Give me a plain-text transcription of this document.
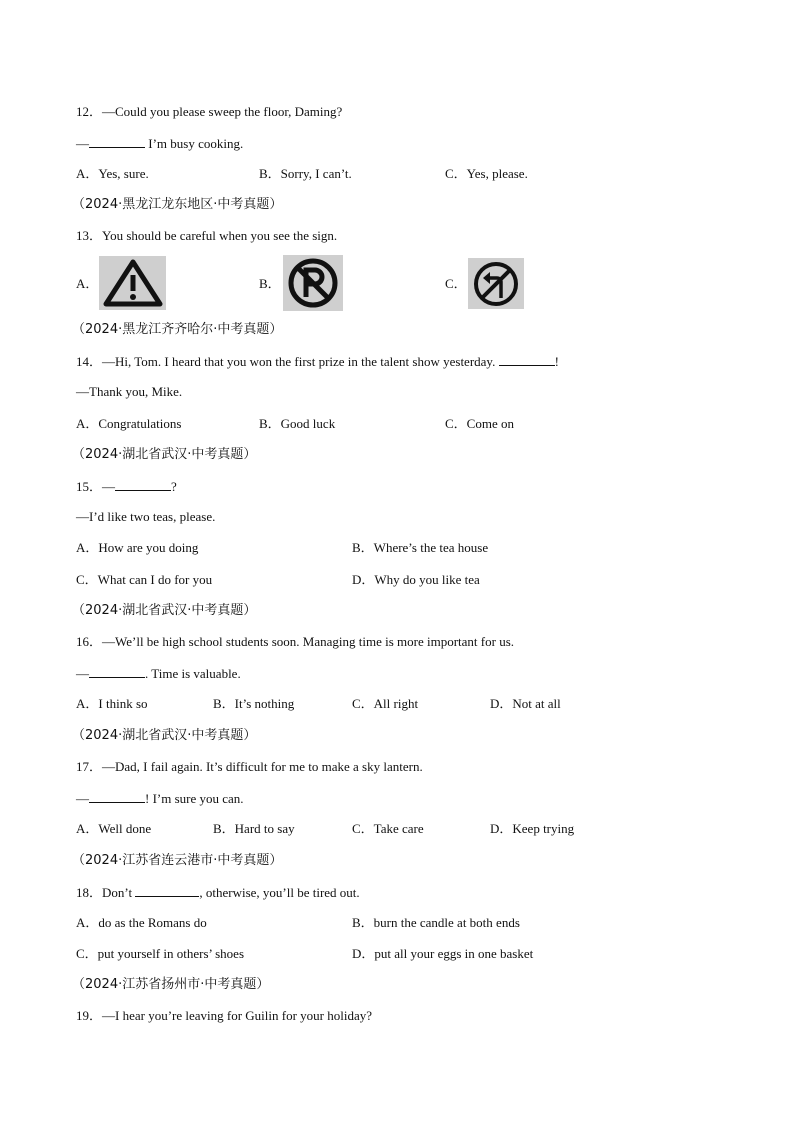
12．—Could you please sweep the floor, Daming?
—	I’m busy cooking.
A．Yes, sure.	B．Sorry, I can’t.	C．Yes, please.
（2024·黑龙江龙东地区·中考真题）
13．You should be careful when you see the sign.
A．	B．	C．
（2024·黑龙江齐齐哈尔·中考真题）
14．—Hi, Tom. I heard that you won the first prize in the talent show yesterday.	!
—Thank you, Mike.
A．Congratulations	B．Good luck	C．Come on
（2024·湖北省武汉·中考真题）
15．—	?
—I’d like two teas, please.
A．How are you doing	B．Where’s the tea house
C．What can I do for you	D．Why do you like tea
（2024·湖北省武汉·中考真题）
16．—We’ll be high school students soon. Managing time is more important for us.
—	. Time is valuable.
A．I think so	B．It’s nothing	C．All right	D．Not at all
（2024·湖北省武汉·中考真题）
17．—Dad, I fail again. It’s difficult for me to make a sky lantern.
—	! I’m sure you can.
A．Well done	B．Hard to say	C．Take care	D．Keep trying
（2024·江苏省连云港市·中考真题）
18．Don’t	, otherwise, you’ll be tired out.
A．do as the Romans do	B．burn the candle at both ends
C．put yourself in others’ shoes	D．put all your eggs in one basket
（2024·江苏省扬州市·中考真题）
19．—I hear you’re leaving for Guilin for your holiday?
